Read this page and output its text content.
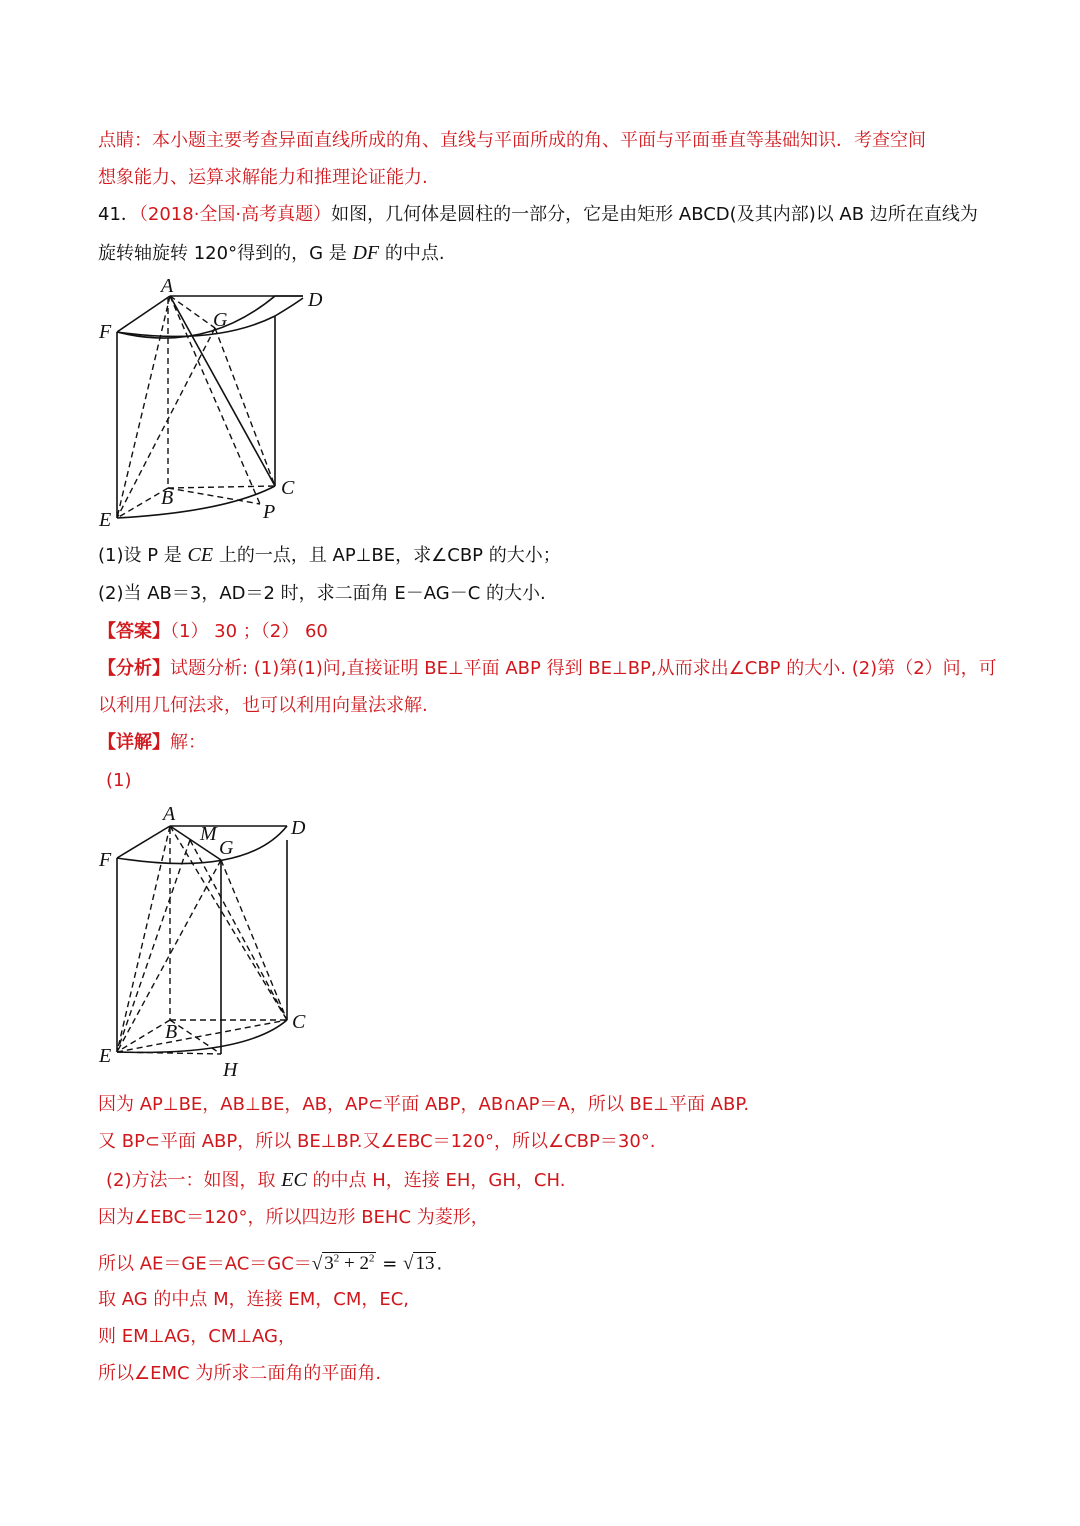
点睛：本小题主要考查异面直线所成的角、直线与平面所成的角、平面与平面垂直等基础知识．考查空间
想象能力、运算求解能力和推理论证能力.
41．（2018·全国·高考真题）如图，几何体是圆柱的一部分，它是由矩形 ABCD(及其内部)以 AB 边所在直线为
旋转轴旋转 120°得到的，G 是 DF 的中点.
A
D
F
G
B	C
E	P
(1)设 P 是 CE 上的一点，且 AP⊥BE，求∠CBP 的大小；
(2)当 AB＝3，AD＝2 时，求二面角 E－AG－C 的大小.
【答案】（1） 30 ；（2） 60
【分析】试题分析: (1)第(1)问,直接证明 BE⊥平面 ABP 得到 BE⊥BP,从而求出∠CBP 的大小. (2)第（2）问，可
以利用几何法求，也可以利用向量法求解.
【详解】解：
(1)
A
M
G
D
F
B	C
E
H
因为 AP⊥BE，AB⊥BE，AB，AP⊂平面 ABP，AB∩AP＝A，所以 BE⊥平面 ABP.
又 BP⊂平面 ABP，所以 BE⊥BP.又∠EBC＝120°，所以∠CBP＝30°.
(2)方法一：如图，取 EC 的中点 H，连接 EH，GH，CH.
因为∠EBC＝120°，所以四边形 BEHC 为菱形，
所以 AE＝GE＝AC＝GC＝√ $3^2 + 2^2$ = √ 13 .
取 AG 的中点 M，连接 EM，CM，EC,
则 EM⊥AG，CM⊥AG，
所以∠EMC 为所求二面角的平面角.
